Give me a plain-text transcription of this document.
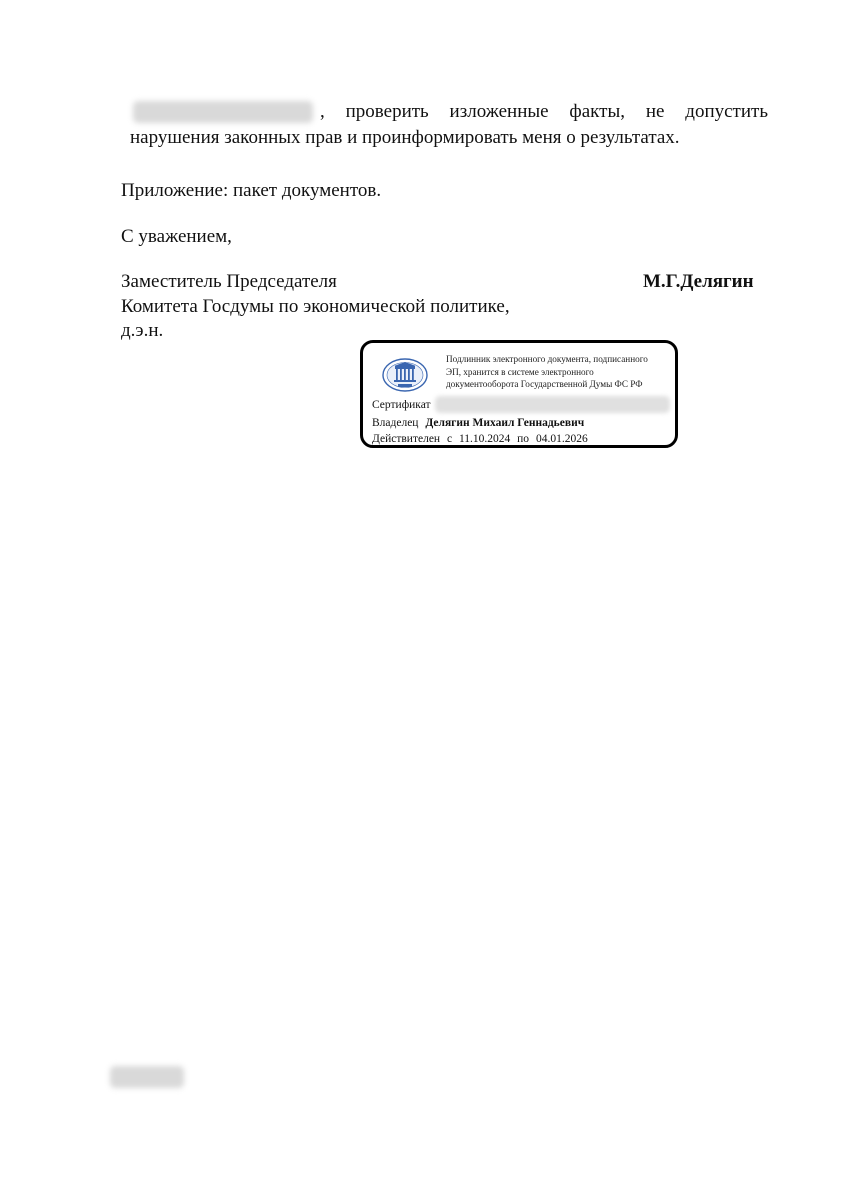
, проверить изложенные факты, не допустить
нарушения законных прав и проинформировать меня о результатах.
Приложение: пакет документов.
С уважением,
Заместитель Председателя
Комитета Госдумы по экономической политике,
д.э.н.
М.Г.Делягин
Подлинник электронного документа, подписанного
ЭП, хранится в системе электронного
документооборота Государственной Думы ФС РФ
Сертификат
Владелец Делягин Михаил Геннадьевич
Действителен с 11.10.2024 по 04.01.2026
